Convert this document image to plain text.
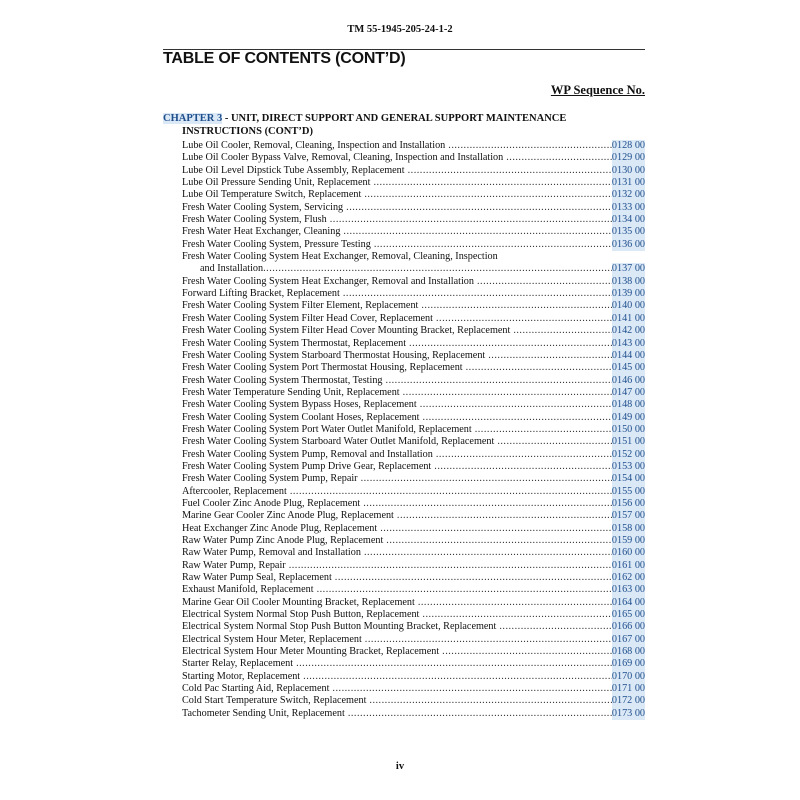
TM 55-1945-205-24-1-2
TABLE OF CONTENTS (CONT’D)
WP Sequence No.
CHAPTER 3 - UNIT, DIRECT SUPPORT AND GENERAL SUPPORT MAINTENANCE
INSTRUCTIONS (CONT’D)
Lube Oil Cooler, Removal, Cleaning, Inspection and Installation .....	0128 00
Lube Oil Cooler Bypass Valve, Removal, Cleaning, Inspection and Installation .....	0129 00
Lube Oil Level Dipstick Tube Assembly, Replacement .....	0130 00
Lube Oil Pressure Sending Unit, Replacement .....	0131 00
Lube Oil Temperature Switch, Replacement .....	0132 00
Fresh Water Cooling System, Servicing .....	0133 00
Fresh Water Cooling System, Flush .....	0134 00
Fresh Water Heat Exchanger, Cleaning .....	0135 00
Fresh Water Cooling System, Pressure Testing .....	0136 00
Fresh Water Cooling System Heat Exchanger, Removal, Cleaning, Inspection
and Installation .....	0137 00
Fresh Water Cooling System Heat Exchanger, Removal and Installation .....	0138 00
Forward Lifting Bracket, Replacement .....	0139 00
Fresh Water Cooling System Filter Element, Replacement .....	0140 00
Fresh Water Cooling System Filter Head Cover, Replacement .....	0141 00
Fresh Water Cooling System Filter Head Cover Mounting Bracket, Replacement .....	0142 00
Fresh Water Cooling System Thermostat, Replacement .....	0143 00
Fresh Water Cooling System Starboard Thermostat Housing, Replacement .....	0144 00
Fresh Water Cooling System Port Thermostat Housing, Replacement .....	0145 00
Fresh Water Cooling System Thermostat, Testing .....	0146 00
Fresh Water Temperature Sending Unit, Replacement .....	0147 00
Fresh Water Cooling System Bypass Hoses, Replacement .....	0148 00
Fresh Water Cooling System Coolant Hoses, Replacement .....	0149 00
Fresh Water Cooling System Port Water Outlet Manifold, Replacement .....	0150 00
Fresh Water Cooling System Starboard Water Outlet Manifold, Replacement .....	0151 00
Fresh Water Cooling System Pump, Removal and Installation .....	0152 00
Fresh Water Cooling System Pump Drive Gear, Replacement .....	0153 00
Fresh Water Cooling System Pump, Repair .....	0154 00
Aftercooler, Replacement .....	0155 00
Fuel Cooler Zinc Anode Plug, Replacement .....	0156 00
Marine Gear Cooler Zinc Anode Plug, Replacement .....	0157 00
Heat Exchanger Zinc Anode Plug, Replacement .....	0158 00
Raw Water Pump Zinc Anode Plug, Replacement .....	0159 00
Raw Water Pump, Removal and Installation .....	0160 00
Raw Water Pump, Repair .....	0161 00
Raw Water Pump Seal, Replacement .....	0162 00
Exhaust Manifold, Replacement .....	0163 00
Marine Gear Oil Cooler Mounting Bracket, Replacement .....	0164 00
Electrical System Normal Stop Push Button, Replacement .....	0165 00
Electrical System Normal Stop Push Button Mounting Bracket, Replacement .....	0166 00
Electrical System Hour Meter, Replacement .....	0167 00
Electrical System Hour Meter Mounting Bracket, Replacement .....	0168 00
Starter Relay, Replacement .....	0169 00
Starting Motor, Replacement .....	0170 00
Cold Pac Starting Aid, Replacement .....	0171 00
Cold Start Temperature Switch, Replacement .....	0172 00
Tachometer Sending Unit, Replacement .....	0173 00
iv
